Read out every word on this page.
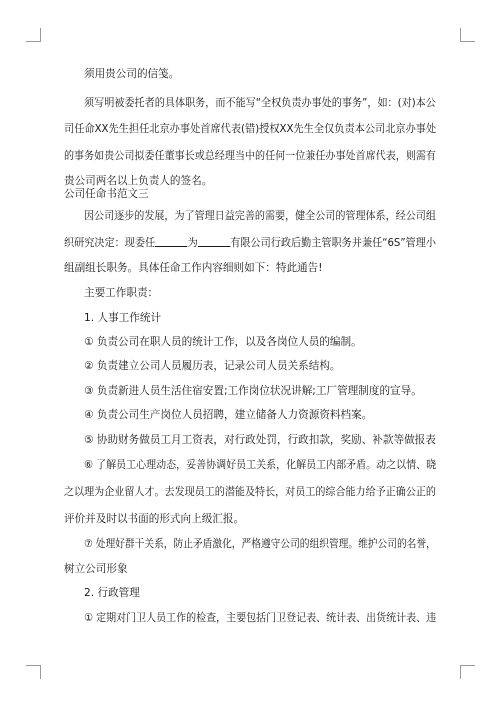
须用贵公司的信笺。
须写明被委托者的具体职务，而不能写“全权负责办事处的事务”，如：(对)本公
司任命XX先生担任北京办事处首席代表(错)授权XX先生全仅负责本公司北京办事处
的事务如贵公司拟委任董事长或总经理当中的任何一位兼任办事处首席代表，则需有
贵公司两名以上负责人的签名。
公司任命书范文三
因公司逐步的发展，为了管理日益完善的需要，健全公司的管理体系，经公司组
织研究决定：现委任	为	有限公司行政后勤主管职务并兼任“6S”管理小
组副组长职务。具体任命工作内容细则如下：特此通告!
主要工作职责：
1. 人事工作统计
① 负责公司在职人员的统计工作，以及各岗位人员的编制。
② 负责建立公司人员履历表，记录公司人员关系结构。
③ 负责新进人员生活住宿安置;工作岗位状况讲解;工厂管理制度的宣导。
④ 负责公司生产岗位人员招聘，建立储备人力资源资料档案。
⑤ 协助财务做员工月工资表，对行政处罚，行政扣款，奖励、补款等做报表
⑥ 了解员工心理动态，妥善协调好员工关系，化解员工内部矛盾。动之以情、晓
之以理为企业留人才。去发现员工的潜能及特长，对员工的综合能力给予正确公正的
评价并及时以书面的形式向上级汇报。
⑦ 处理好群干关系，防止矛盾激化，严格遵守公司的组织管理。维护公司的名誉，
树立公司形象
2. 行政管理
① 定期对门卫人员工作的检查，主要包括门卫登记表、统计表、出货统计表、违
